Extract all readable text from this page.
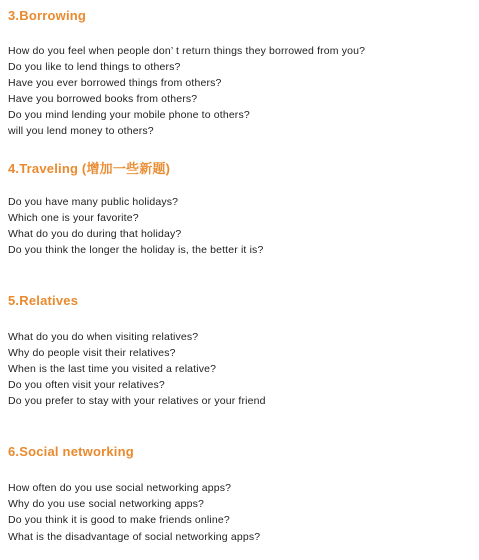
3.Borrowing

How do you feel when people don’ t return things they borrowed from you?

Do you like to lend things to others?

Have you ever borrowed things from others?

Have you borrowed books from others?

Do you mind lending your mobile phone to others?

will you lend money to others?

4.Traveling (增加一些新题)

Do you have many public holidays?

Which one is your favorite?

What do you do during that holiday?

Do you think the longer the holiday is, the better it is?

5.Relatives

What do you do when visiting relatives?

Why do people visit their relatives?

When is the last time you visited a relative?

Do you often visit your relatives?

Do you prefer to stay with your relatives or your friend

6.Social networking

How often do you use social networking apps?

Why do you use social networking apps?

Do you think it is good to make friends online?

What is the disadvantage of social networking apps?
